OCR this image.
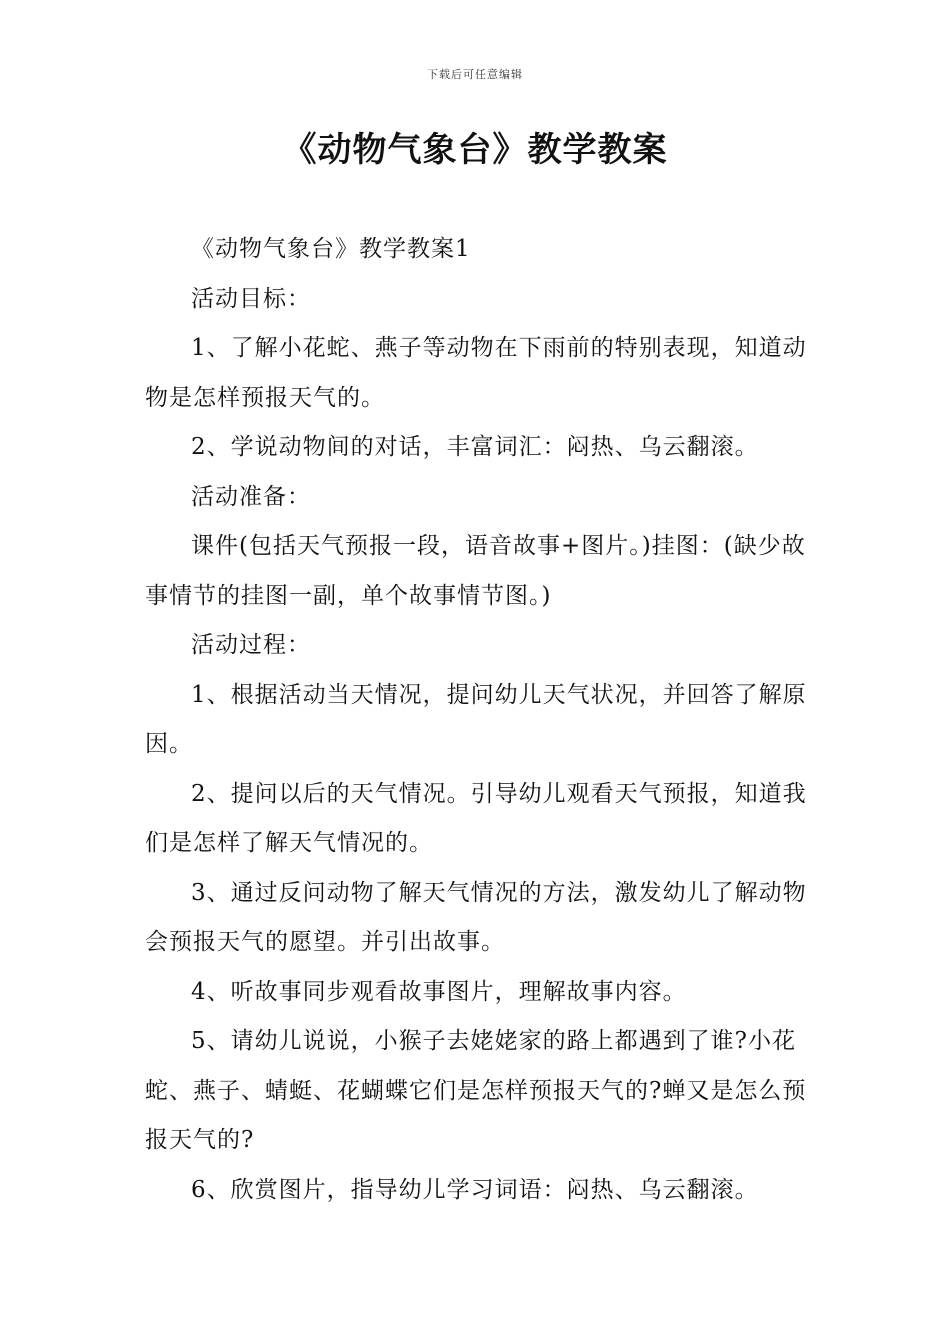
下载后可任意编辑
《动物气象台》教学教案

《动物气象台》教学教案1

活动目标：

1、了解小花蛇、燕子等动物在下雨前的特别表现，知道动物是怎样预报天气的。

2、学说动物间的对话，丰富词汇：闷热、乌云翻滚。

活动准备：

课件(包括天气预报一段，语音故事+图片。)挂图：(缺少故事情节的挂图一副，单个故事情节图。)

活动过程：

1、根据活动当天情况，提问幼儿天气状况，并回答了解原因。

2、提问以后的天气情况。引导幼儿观看天气预报，知道我们是怎样了解天气情况的。

3、通过反问动物了解天气情况的方法，激发幼儿了解动物会预报天气的愿望。并引出故事。

4、听故事同步观看故事图片，理解故事内容。

5、请幼儿说说，小猴子去姥姥家的路上都遇到了谁?小花蛇、燕子、蜻蜓、花蝴蝶它们是怎样预报天气的?蝉又是怎么预报天气的?

6、欣赏图片，指导幼儿学习词语：闷热、乌云翻滚。
